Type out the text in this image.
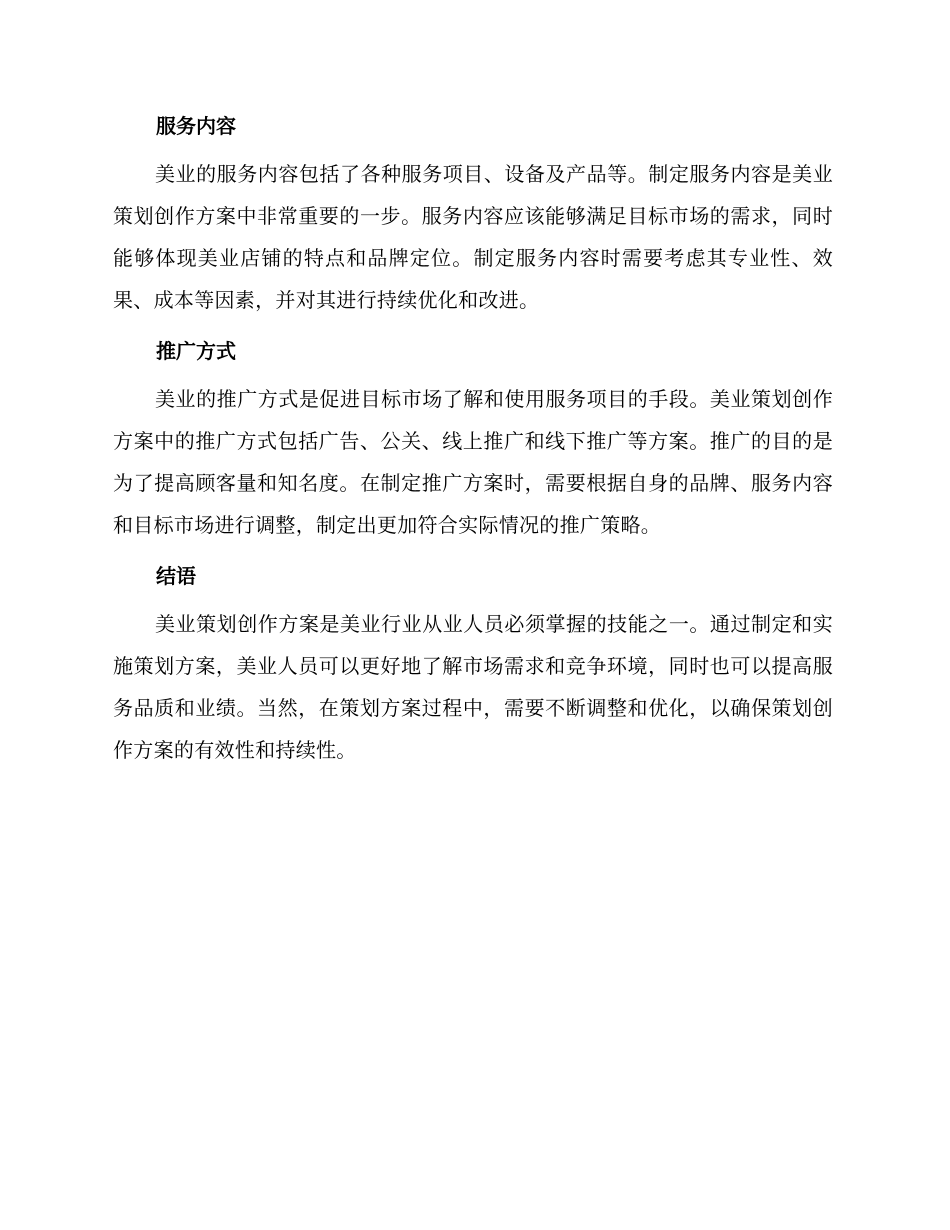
服务内容

美业的服务内容包括了各种服务项目、设备及产品等。制定服务内容是美业策划创作方案中非常重要的一步。服务内容应该能够满足目标市场的需求，同时能够体现美业店铺的特点和品牌定位。制定服务内容时需要考虑其专业性、效果、成本等因素，并对其进行持续优化和改进。

推广方式

美业的推广方式是促进目标市场了解和使用服务项目的手段。美业策划创作方案中的推广方式包括广告、公关、线上推广和线下推广等方案。推广的目的是为了提高顾客量和知名度。在制定推广方案时，需要根据自身的品牌、服务内容和目标市场进行调整，制定出更加符合实际情况的推广策略。

结语

美业策划创作方案是美业行业从业人员必须掌握的技能之一。通过制定和实施策划方案，美业人员可以更好地了解市场需求和竞争环境，同时也可以提高服务品质和业绩。当然，在策划方案过程中，需要不断调整和优化，以确保策划创作方案的有效性和持续性。
